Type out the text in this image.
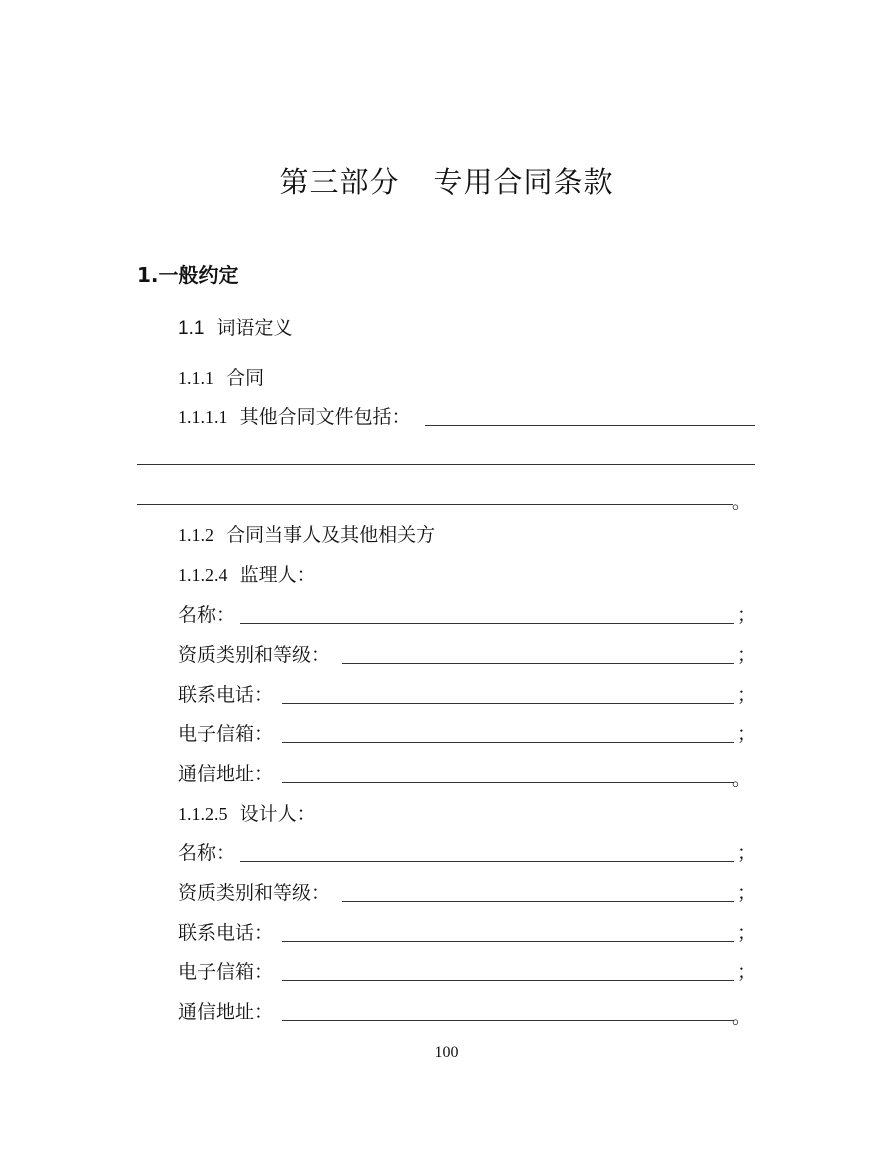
第三部分 专用合同条款
1.一般约定
1.1 词语定义
1.1.1 合同
1.1.1.1 其他合同文件包括：
。
1.1.2 合同当事人及其他相关方
1.1.2.4 监理人：
名称：	；
资质类别和等级：	；
联系电话：	；
电子信箱：	；
通信地址：	。
1.1.2.5 设计人：
名称：	；
资质类别和等级：	；
联系电话：	；
电子信箱：	；
通信地址：	。
100
